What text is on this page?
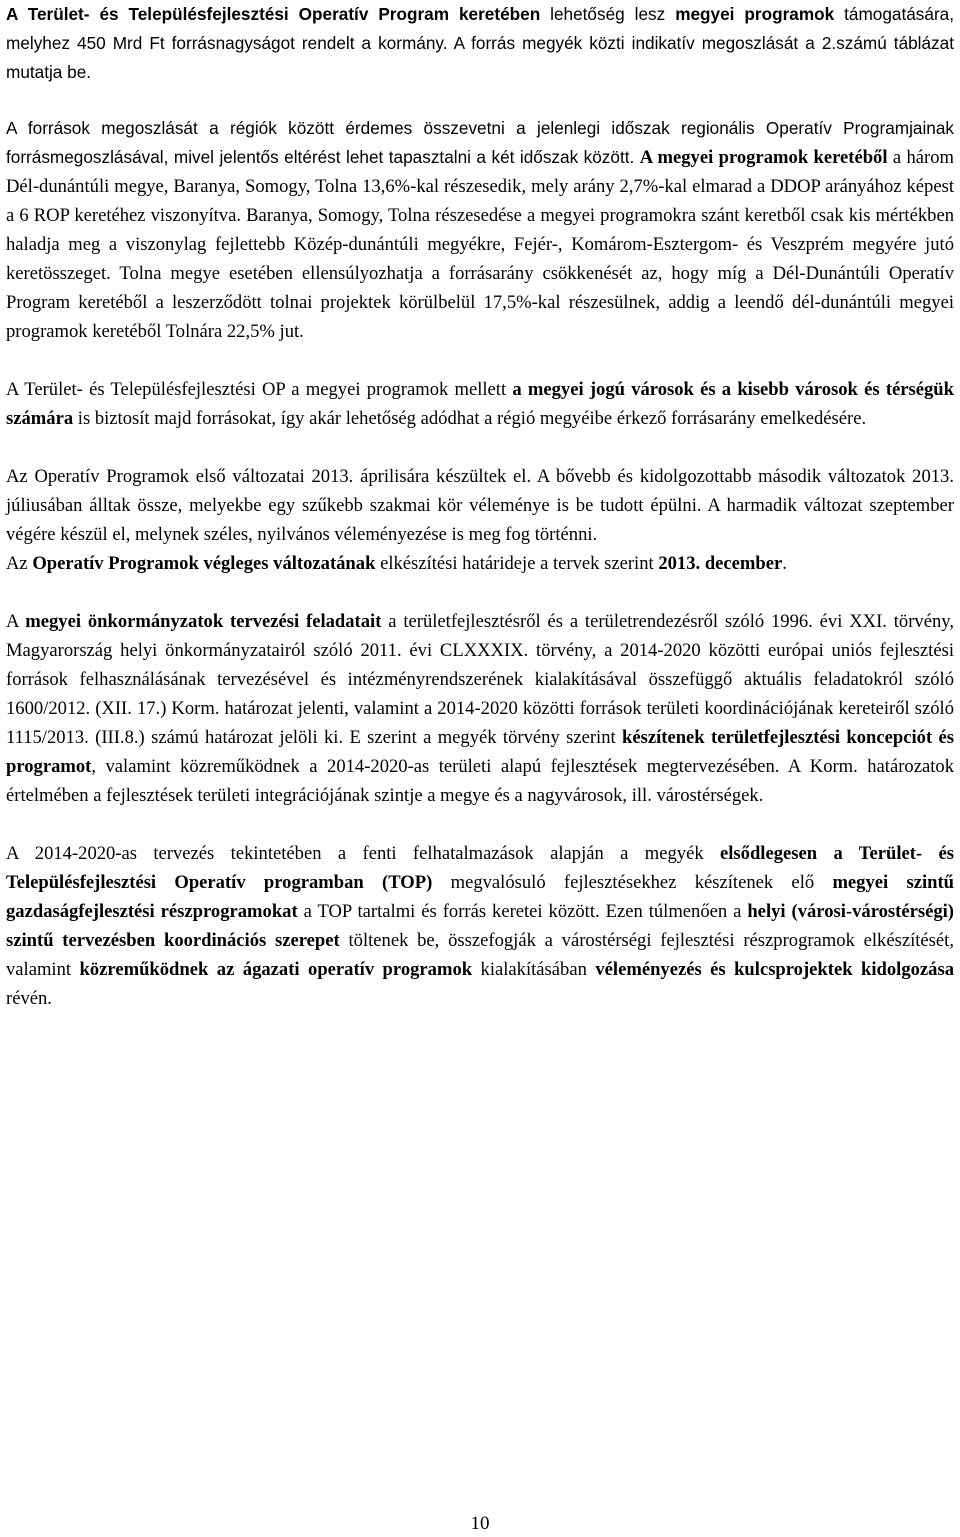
A Terület- és Településfejlesztési Operatív Program keretében lehetőség lesz megyei programok támogatására, melyhez 450 Mrd Ft forrásnagyságot rendelt a kormány. A forrás megyék közti indikatív megoszlását a 2.számú táblázat mutatja be.

A források megoszlását a régiók között érdemes összevetni a jelenlegi időszak regionális Operatív Programjainak forrásmegoszlásával, mivel jelentős eltérést lehet tapasztalni a két időszak között. A megyei programok keretéből a három Dél-dunántúli megye, Baranya, Somogy, Tolna 13,6%-kal részesedik, mely arány 2,7%-kal elmarad a DDOP arányához képest a 6 ROP keretéhez viszonyítva. Baranya, Somogy, Tolna részesedése a megyei programokra szánt keretből csak kis mértékben haladja meg a viszonylag fejlettebb Közép-dunántúli megyékre, Fejér-, Komárom-Esztergom- és Veszprém megyére jutó keretösszeget. Tolna megye esetében ellensúlyozhatja a forrásarány csökkenését az, hogy míg a Dél-Dunántúli Operatív Program keretéből a leszerződött tolnai projektek körülbelül 17,5%-kal részesülnek, addig a leendő dél-dunántúli megyei programok keretéből Tolnára 22,5% jut.

A Terület- és Településfejlesztési OP a megyei programok mellett a megyei jogú városok és a kisebb városok és térségük számára is biztosít majd forrásokat, így akár lehetőség adódhat a régió megyéibe érkező forrásarány emelkedésére.

Az Operatív Programok első változatai 2013. áprilisára készültek el. A bővebb és kidolgozottabb második változatok 2013. júliusában álltak össze, melyekbe egy szűkebb szakmai kör véleménye is be tudott épülni. A harmadik változat szeptember végére készül el, melynek széles, nyilvános véleményezése is meg fog történni.

Az Operatív Programok végleges változatának elkészítési határideje a tervek szerint 2013. december.

A megyei önkormányzatok tervezési feladatait a területfejlesztésről és a területrendezésről szóló 1996. évi XXI. törvény, Magyarország helyi önkormányzatairól szóló 2011. évi CLXXXIX. törvény, a 2014-2020 közötti európai uniós fejlesztési források felhasználásának tervezésével és intézményrendszerének kialakításával összefüggő aktuális feladatokról szóló 1600/2012. (XII. 17.) Korm. határozat jelenti, valamint a 2014-2020 közötti források területi koordinációjának kereteiről szóló 1115/2013. (III.8.) számú határozat jelöli ki. E szerint a megyék törvény szerint készítenek területfejlesztési koncepciót és programot, valamint közreműködnek a 2014-2020-as területi alapú fejlesztések megtervezésében. A Korm. határozatok értelmében a fejlesztések területi integrációjának szintje a megye és a nagyvárosok, ill. várostérségek.

A 2014-2020-as tervezés tekintetében a fenti felhatalmazások alapján a megyék elsődlegesen a Terület- és Településfejlesztési Operatív programban (TOP) megvalósuló fejlesztésekhez készítenek elő megyei szintű gazdaságfejlesztési részprogramokat a TOP tartalmi és forrás keretei között. Ezen túlmenően a helyi (városi-várostérségi) szintű tervezésben koordinációs szerepet töltenek be, összefogják a várostérségi fejlesztési részprogramok elkészítését, valamint közreműködnek az ágazati operatív programok kialakításában véleményezés és kulcsprojektek kidolgozása révén.

10
